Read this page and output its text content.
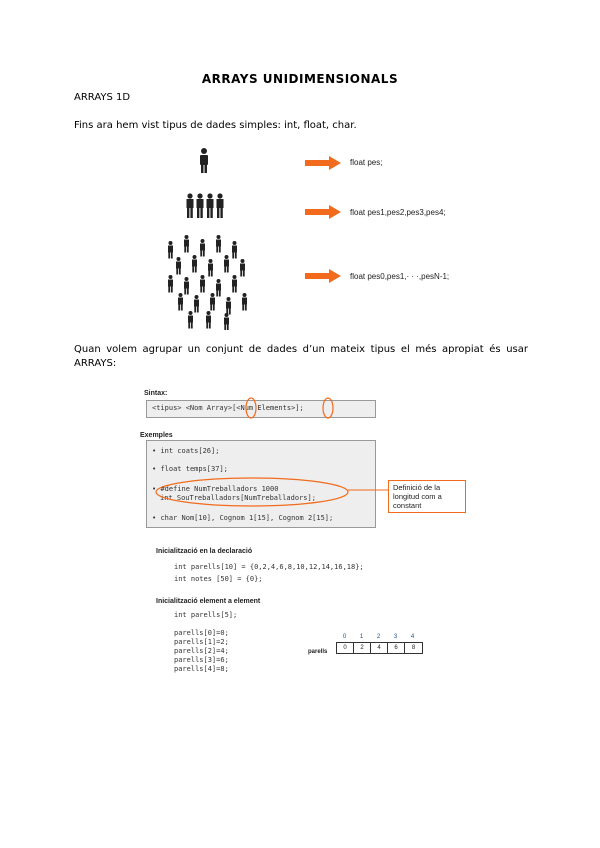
ARRAYS UNIDIMENSIONALS
ARRAYS 1D
Fins ara hem vist tipus de dades simples: int, float, char.
float pes;
float pes1,pes2,pes3,pes4;
float pes0,pes1,· · ·,pesN-1;
Quan volem agrupar un conjunt de dades d’un mateix tipus el més apropiat és usar ARRAYS:
Sintax:
<tipus> <Nom Array>[<Num Elements>];
Exemples
• int coats[26];
• float temps[37];
• #define NumTreballadors 1000
int SouTreballadors[NumTreballadors];
• char Nom[10], Cognom 1[15], Cognom 2[15];
Definició de la longitud com a constant
Inicialització en la declaració
int parells[10] = {0,2,4,6,8,10,12,14,16,18};
int notes [50] = {0};
Inicialització element a element
int parells[5];
parells[0]=0;
parells[1]=2;
parells[2]=4;
parells[3]=6;
parells[4]=8;
parells
0	1	2	3	4
0	2	4	6	8
